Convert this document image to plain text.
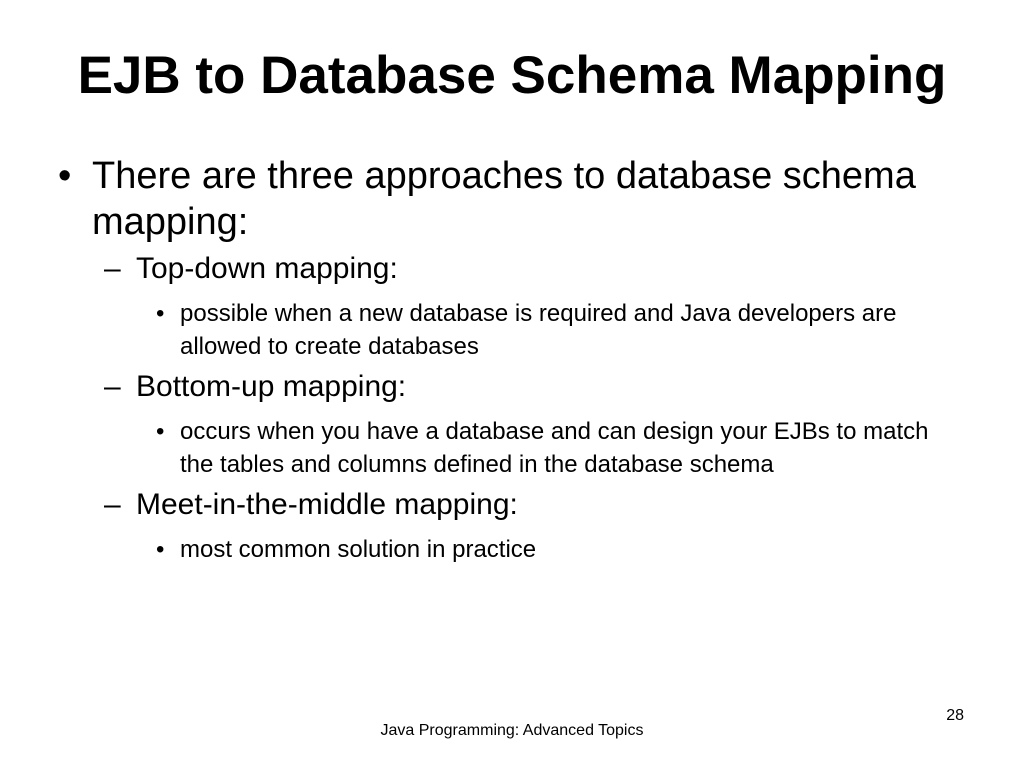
EJB to Database Schema Mapping
• There are three approaches to database schema mapping:
– Top-down mapping:
• possible when a new database is required and Java developers are allowed to create databases
– Bottom-up mapping:
• occurs when you have a database and can design your EJBs to match the tables and columns defined in the database schema
– Meet-in-the-middle mapping:
• most common solution in practice
Java Programming: Advanced Topics
28
